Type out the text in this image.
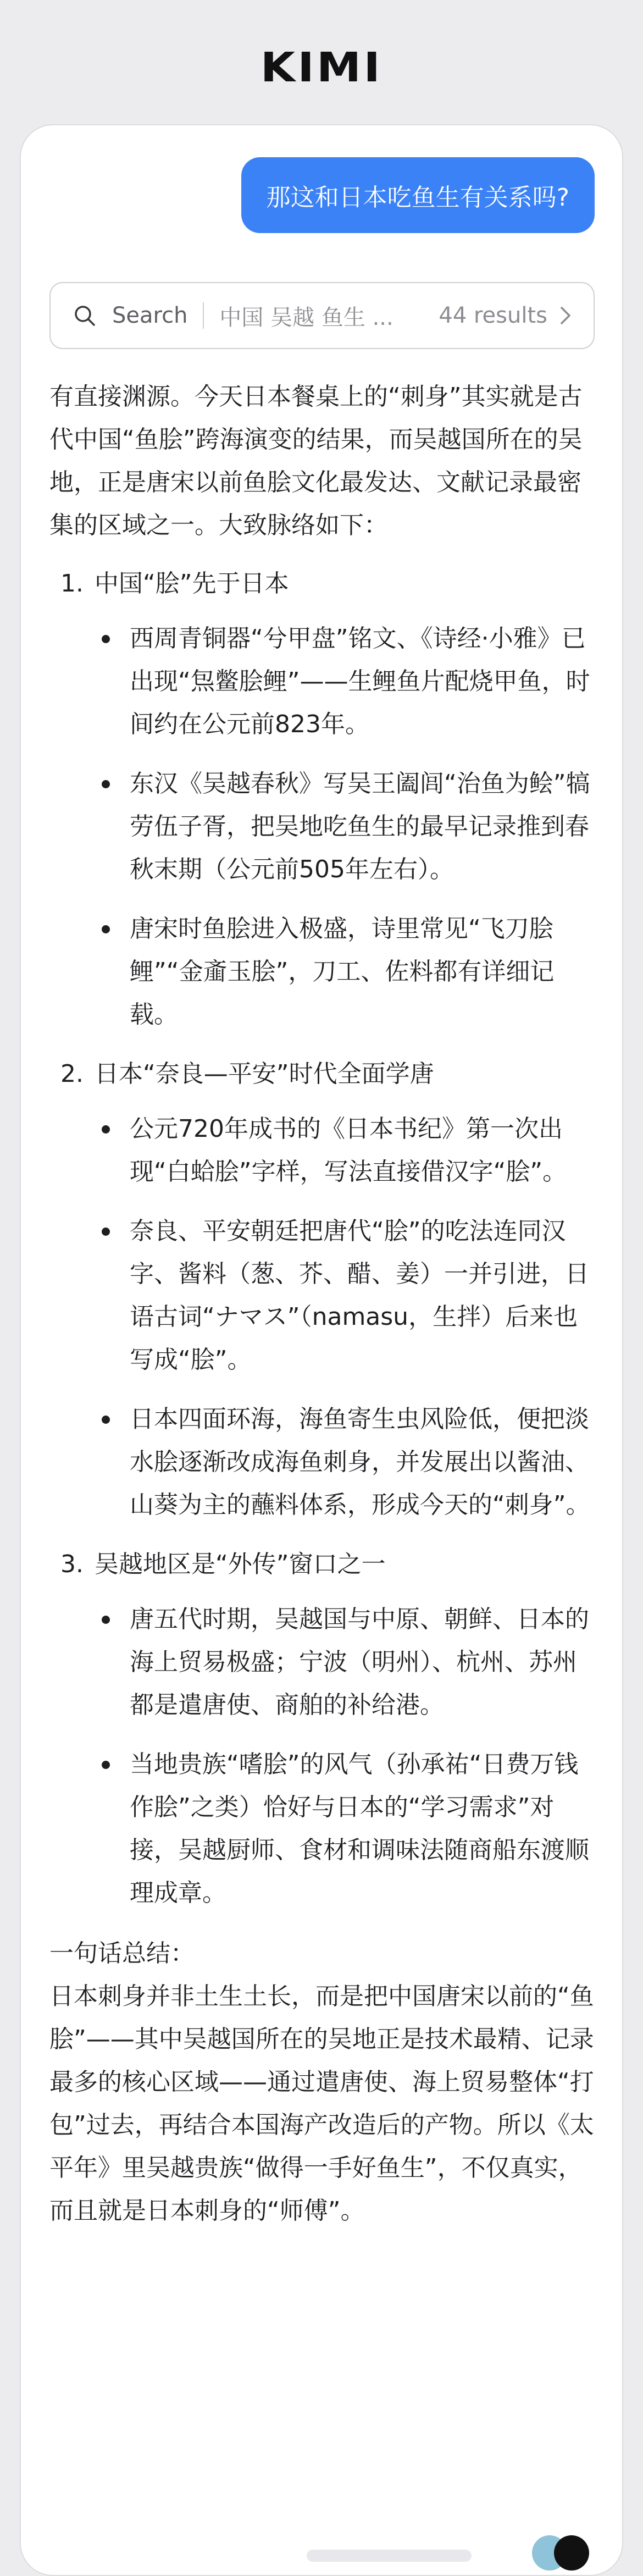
KIMI
那这和日本吃鱼生有关系吗?
Search 中国 吴越 鱼生 ...	44 results

有直接渊源。今天日本餐桌上的“刺身”其实就是古代中国“鱼脍”跨海演变的结果，而吴越国所在的吴地，正是唐宋以前鱼脍文化最发达、文献记录最密集的区域之一。大致脉络如下：

1. 中国“脍”先于日本
西周青铜器“兮甲盘”铭文、《诗经·小雅》已出现“炰鳖脍鲤”——生鲤鱼片配烧甲鱼，时间约在公元前823年。
东汉《吴越春秋》写吴王阖闾“治鱼为鲙”犒劳伍子胥，把吴地吃鱼生的最早记录推到春秋末期（公元前505年左右）。
唐宋时鱼脍进入极盛，诗里常见“飞刀脍鲤”“金齑玉脍”，刀工、佐料都有详细记载。
2. 日本“奈良—平安”时代全面学唐
公元720年成书的《日本书纪》第一次出现“白蛤脍”字样，写法直接借汉字“脍”。
奈良、平安朝廷把唐代“脍”的吃法连同汉字、酱料（葱、芥、醋、姜）一并引进，日语古词“ナマス”（namasu，生拌）后来也写成“脍”。
日本四面环海，海鱼寄生虫风险低，便把淡水脍逐渐改成海鱼刺身，并发展出以酱油、山葵为主的蘸料体系，形成今天的“刺身”。
3. 吴越地区是“外传”窗口之一
唐五代时期，吴越国与中原、朝鲜、日本的海上贸易极盛；宁波（明州）、杭州、苏州都是遣唐使、商舶的补给港。
当地贵族“嗜脍”的风气（孙承祐“日费万钱作脍”之类）恰好与日本的“学习需求”对接，吴越厨师、食材和调味法随商船东渡顺理成章。

一句话总结：

日本刺身并非土生土长，而是把中国唐宋以前的“鱼脍”——其中吴越国所在的吴地正是技术最精、记录最多的核心区域——通过遣唐使、海上贸易整体“打包”过去，再结合本国海产改造后的产物。所以《太平年》里吴越贵族“做得一手好鱼生”，不仅真实，而且就是日本刺身的“师傅”。
